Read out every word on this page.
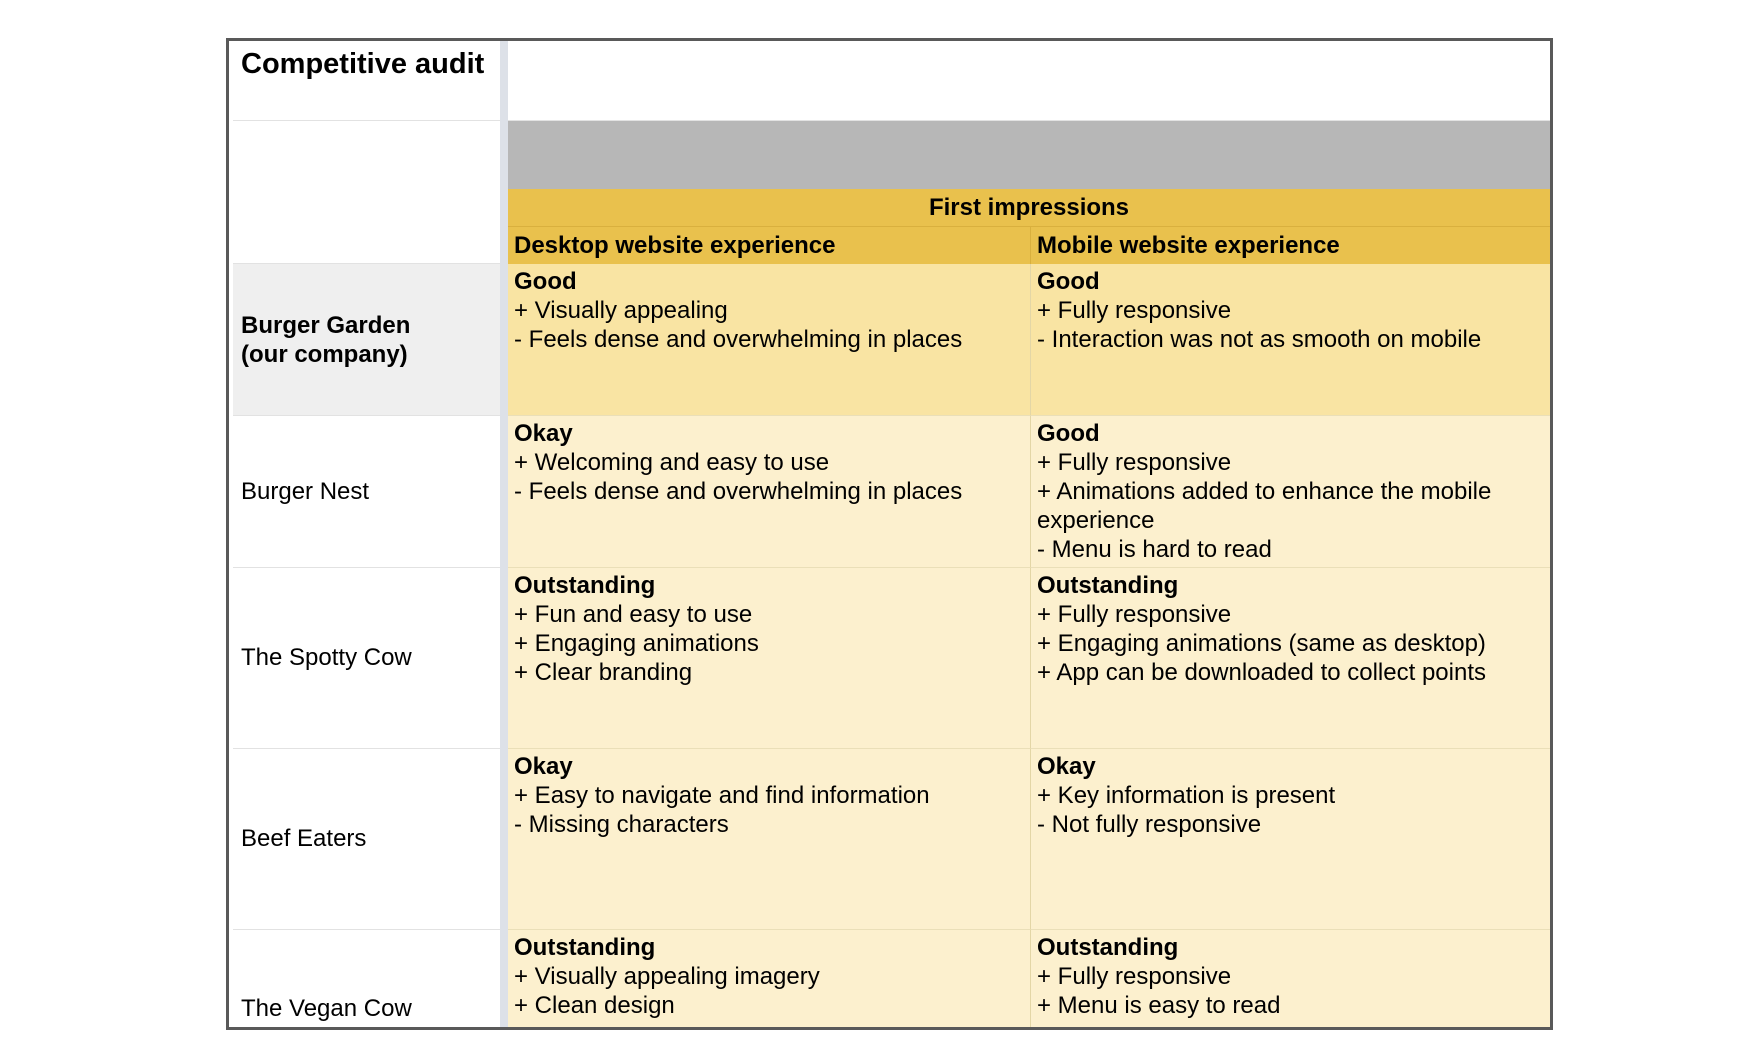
Competitive audit
Burger Garden
(our company)
Burger Nest
The Spotty Cow
Beef Eaters
The Vegan Cow
First impressions
Desktop website experience	Mobile website experience
Good
+ Visually appealing
- Feels dense and overwhelming in places
Good
+ Fully responsive
- Interaction was not as smooth on mobile
Okay
+ Welcoming and easy to use
- Feels dense and overwhelming in places
Good
+ Fully responsive
+ Animations added to enhance the mobile experience
- Menu is hard to read
Outstanding
+ Fun and easy to use
+ Engaging animations
+ Clear branding
Outstanding
+ Fully responsive
+ Engaging animations (same as desktop)
+ App can be downloaded to collect points
Okay
+ Easy to navigate and find information
- Missing characters
Okay
+ Key information is present
- Not fully responsive
Outstanding
+ Visually appealing imagery
+ Clean design
Outstanding
+ Fully responsive
+ Menu is easy to read
